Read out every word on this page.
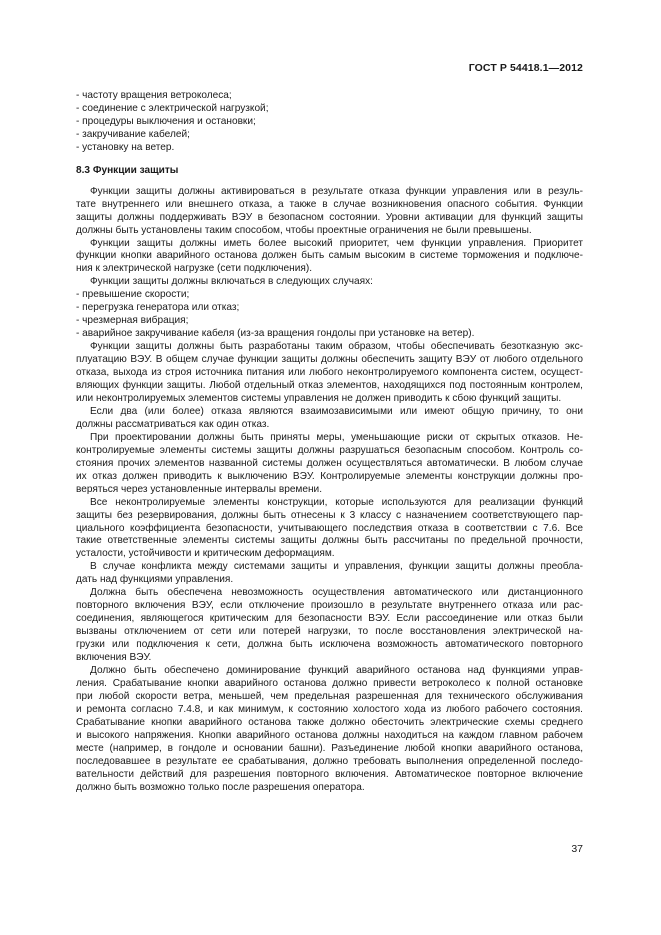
ГОСТ Р 54418.1—2012
- частоту вращения ветроколеса;
- соединение с электрической нагрузкой;
- процедуры выключения и остановки;
- закручивание кабелей;
- установку на ветер.
8.3 Функции защиты
Функции защиты должны активироваться в результате отказа функции управления или в резуль-
тате внутреннего или внешнего отказа, а также в случае возникновения опасного события. Функции
защиты должны поддерживать ВЭУ в безопасном состоянии. Уровни активации для функций защиты
должны быть установлены таким способом, чтобы проектные ограничения не были превышены.
Функции защиты должны иметь более высокий приоритет, чем функции управления. Приоритет
функции кнопки аварийного останова должен быть самым высоким в системе торможения и подключе-
ния к электрической нагрузке (сети подключения).
Функции защиты должны включаться в следующих случаях:
- превышение скорости;
- перегрузка генератора или отказ;
- чрезмерная вибрация;
- аварийное закручивание кабеля (из-за вращения гондолы при установке на ветер).
Функции защиты должны быть разработаны таким образом, чтобы обеспечивать безотказную экс-
плуатацию ВЭУ. В общем случае функции защиты должны обеспечить защиту ВЭУ от любого отдельного
отказа, выхода из строя источника питания или любого неконтролируемого компонента систем, осущест-
вляющих функции защиты. Любой отдельный отказ элементов, находящихся под постоянным контролем,
или неконтролируемых элементов системы управления не должен приводить к сбою функций защиты.
Если два (или более) отказа являются взаимозависимыми или имеют общую причину, то они
должны рассматриваться как один отказ.
При проектировании должны быть приняты меры, уменьшающие риски от скрытых отказов. Не-
контролируемые элементы системы защиты должны разрушаться безопасным способом. Контроль со-
стояния прочих элементов названной системы должен осуществляться автоматически. В любом случае
их отказ должен приводить к выключению ВЭУ. Контролируемые элементы конструкции должны про-
веряться через установленные интервалы времени.
Все неконтролируемые элементы конструкции, которые используются для реализации функций
защиты без резервирования, должны быть отнесены к 3 классу с назначением соответствующего пар-
циального коэффициента безопасности, учитывающего последствия отказа в соответствии с 7.6. Все
такие ответственные элементы системы защиты должны быть рассчитаны по предельной прочности,
усталости, устойчивости и критическим деформациям.
В случае конфликта между системами защиты и управления, функции защиты должны преобла-
дать над функциями управления.
Должна быть обеспечена невозможность осуществления автоматического или дистанционного
повторного включения ВЭУ, если отключение произошло в результате внутреннего отказа или рас-
соединения, являющегося критическим для безопасности ВЭУ. Если рассоединение или отказ были
вызваны отключением от сети или потерей нагрузки, то после восстановления электрической на-
грузки или подключения к сети, должна быть исключена возможность автоматического повторного
включения ВЭУ.
Должно быть обеспечено доминирование функций аварийного останова над функциями управ-
ления. Срабатывание кнопки аварийного останова должно привести ветроколесо к полной остановке
при любой скорости ветра, меньшей, чем предельная разрешенная для технического обслуживания
и ремонта согласно 7.4.8, и как минимум, к состоянию холостого хода из любого рабочего состояния.
Срабатывание кнопки аварийного останова также должно обесточить электрические схемы среднего
и высокого напряжения. Кнопки аварийного останова должны находиться на каждом главном рабочем
месте (например, в гондоле и основании башни). Разъединение любой кнопки аварийного останова,
последовавшее в результате ее срабатывания, должно требовать выполнения определенной последо-
вательности действий для разрешения повторного включения. Автоматическое повторное включение
должно быть возможно только после разрешения оператора.
37
